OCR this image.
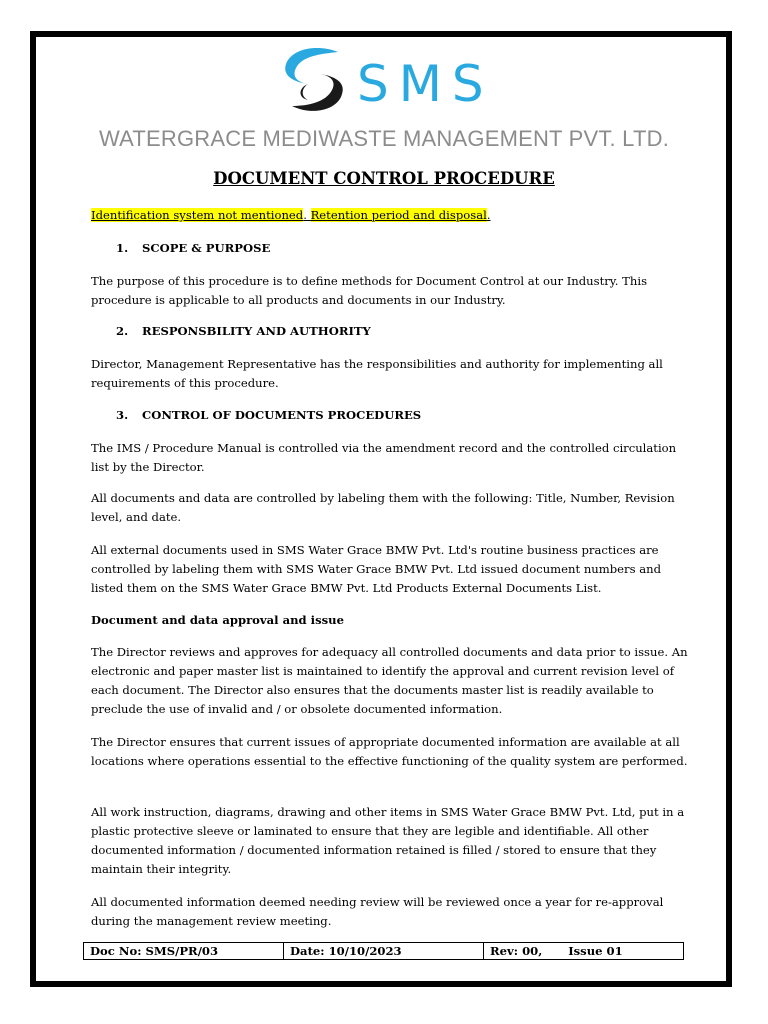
SMS
WATERGRACE MEDIWASTE MANAGEMENT PVT. LTD.
DOCUMENT CONTROL PROCEDURE
Identification system not mentioned. Retention period and disposal.
1. SCOPE & PURPOSE
The purpose of this procedure is to define methods for Document Control at our Industry. This procedure is applicable to all products and documents in our Industry.
2. RESPONSBILITY AND AUTHORITY
Director, Management Representative has the responsibilities and authority for implementing all requirements of this procedure.
3. CONTROL OF DOCUMENTS PROCEDURES
The IMS / Procedure Manual is controlled via the amendment record and the controlled circulation list by the Director.
All documents and data are controlled by labeling them with the following: Title, Number, Revision level, and date.
All external documents used in SMS Water Grace BMW Pvt. Ltd's routine business practices are controlled by labeling them with SMS Water Grace BMW Pvt. Ltd issued document numbers and listed them on the SMS Water Grace BMW Pvt. Ltd Products External Documents List.
Document and data approval and issue
The Director reviews and approves for adequacy all controlled documents and data prior to issue. An electronic and paper master list is maintained to identify the approval and current revision level of each document. The Director also ensures that the documents master list is readily available to preclude the use of invalid and / or obsolete documented information.
The Director ensures that current issues of appropriate documented information are available at all locations where operations essential to the effective functioning of the quality system are performed.
All work instruction, diagrams, drawing and other items in SMS Water Grace BMW Pvt. Ltd, put in a plastic protective sleeve or laminated to ensure that they are legible and identifiable. All other documented information / documented information retained is filled / stored to ensure that they maintain their integrity.
All documented information deemed needing review will be reviewed once a year for re-approval during the management review meeting.
Doc No: SMS/PR/03	Date: 10/10/2023	Rev: 00, Issue 01
